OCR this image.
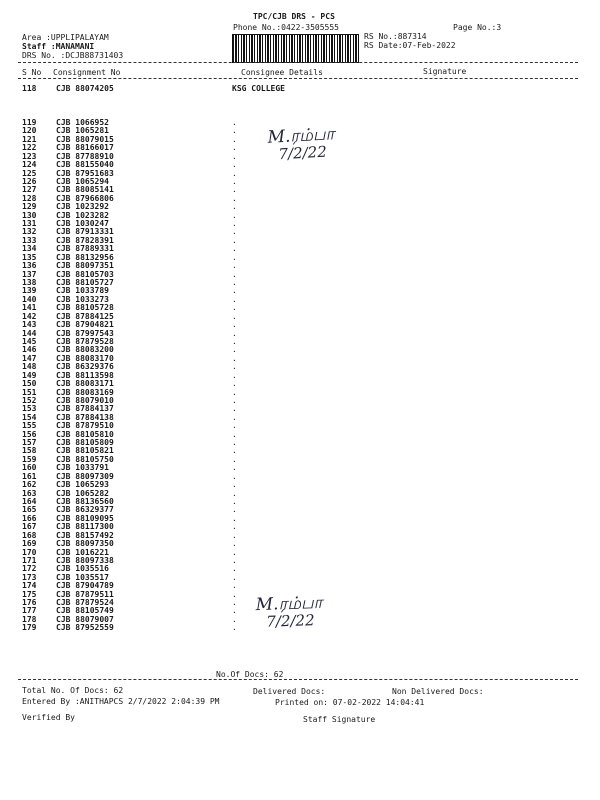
TPC/CJB DRS - PCS
Phone No.:0422-3505555	Page No.:3
Area :UPPLIPALAYAM
Staff :MANAMANI
DRS No. :DCJB8873140З
RS No.:887314
RS Date:07-Feb-2022
S No Consignment No	Consignee Details	Signature
118 CJB 88074205	KSG COLLEGE
119 CJB 1066952	.
120 CJB 1065281	.
121 CJB 88079015	.
122 CJB 88166017	.
123 CJB 87788910	.
124 CJB 88155040	.
125 CJB 87951683	.
126 CJB 1065294	.
127 CJB 88085141	.
128 CJB 87966806	.
129 CJB 1023292	.
130 CJB 1023282	.
131 CJB 1030247	.
132 CJB 87913331	.
133 CJB 87828391	.
134 CJB 87889331	.
135 CJB 88132956	.
136 CJB 88097351	.
137 CJB 88105703	.
138 CJB 88105727	.
139 CJB 1033789	.
140 CJB 1033273	.
141 CJB 88105728	.
142 CJB 87884125	.
143 CJB 87904821	.
144 CJB 87997543	.
145 CJB 87879528	.
146 CJB 88083200	.
147 CJB 88083170	.
148 CJB 86329376	.
149 CJB 88113598	.
150 CJB 88083171	.
151 CJB 88083169	.
152 CJB 88079010	.
153 CJB 87884137	.
154 CJB 87884138	.
155 CJB 87879510	.
156 CJB 88105810	.
157 CJB 88105809	.
158 CJB 88105821	.
159 CJB 88105750	.
160 CJB 1033791	.
161 CJB 88097309	.
162 CJB 1065293	.
163 CJB 1065282	.
164 CJB 88136560	.
165 CJB 86329377	.
166 CJB 88109095	.
167 CJB 88117300	.
168 CJB 88157492	.
169 CJB 88097350	.
170 CJB 1016221	.
171 CJB 88097338	.
172 CJB 1035516	.
173 CJB 1035517	.
174 CJB 87904789	.
175 CJB 87879511	.
176 CJB 87879524	.
177 CJB 88105749	.
178 CJB 88079007	.
179 CJB 87952559	.
No.Of Docs: 62
M.ரம்பா
7/2/22
M.ரம்பா
7/2/22
Total No. Of Docs: 62	Delivered Docs:	Non Delivered Docs:
Entered By :ANITHAPCS 2/7/2022 2:04:39 PM	Printed on: 07-02-2022 14:04:41
Verified By	Staff Signature
